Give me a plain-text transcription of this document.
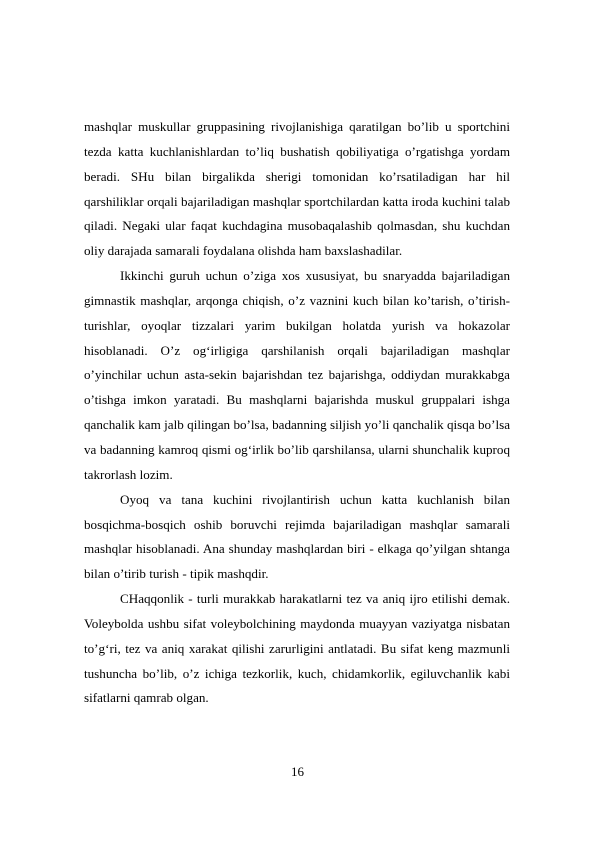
mashqlar muskullar gruppasining rivojlanishiga qaratilgan bo’lib u sportchini tezda katta kuchlanishlardan to’liq bushatish qobiliyatiga o’rgatishga yordam beradi. SHu bilan birgalikda sherigi tomonidan ko’rsatiladigan har hil qarshiliklar orqali bajariladigan mashqlar sportchilardan katta iroda kuchini talab qiladi. Negaki ular faqat kuchdagina musobaqalashib qolmasdan, shu kuchdan oliy darajada samarali foydalana olishda ham baxslashadilar.

Ikkinchi guruh uchun o’ziga xos xususiyat, bu snaryadda bajariladigan gimnastik mashqlar, arqonga chiqish, o’z vaznini kuch bilan ko’tarish, o’tirish-turishlar, oyoqlar tizzalari yarim bukilgan holatda yurish va hokazolar hisoblanadi. O’z og‘irligiga qarshilanish orqali bajariladigan mashqlar o’yinchilar uchun asta-sekin bajarishdan tez bajarishga, oddiydan murakkabga o’tishga imkon yaratadi. Bu mashqlarni bajarishda muskul gruppalari ishga qanchalik kam jalb qilingan bo’lsa, badanning siljish yo’li qanchalik qisqa bo’lsa va badanning kamroq qismi og‘irlik bo’lib qarshilansa, ularni shunchalik kuproq takrorlash lozim.

Oyoq va tana kuchini rivojlantirish uchun katta kuchlanish bilan bosqichma-bosqich oshib boruvchi rejimda bajariladigan mashqlar samarali mashqlar hisoblanadi. Ana shunday mashqlardan biri - elkaga qo’yilgan shtanga bilan o’tirib turish - tipik mashqdir.

CHaqqonlik - turli murakkab harakatlarni tez va aniq ijro etilishi demak. Voleybolda ushbu sifat voleybolchining maydonda muayyan vaziyatga nisbatan to’g‘ri, tez va aniq xarakat qilishi zarurligini antlatadi. Bu sifat keng mazmunli tushuncha bo’lib, o’z ichiga tezkorlik, kuch, chidamkorlik, egiluvchanlik kabi sifatlarni qamrab olgan.

16
